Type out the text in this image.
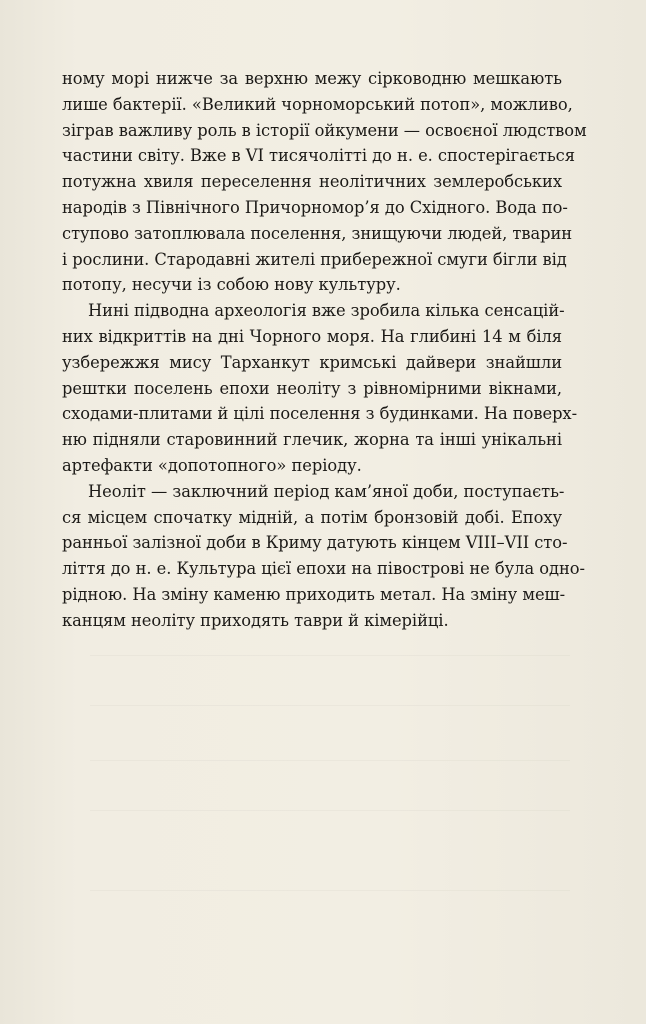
ному морі нижче за верхню межу сірководню мешкають
лише бактерії. «Великий чорноморський потоп», можливо,
зіграв важливу роль в історії ойкумени — освоєної людством
частини світу. Вже в VI тисячолітті до н. е. спостерігається
потужна хвиля переселення неолітичних землеробських
народів з Північного Причорномор’я до Східного. Вода по-
ступово затоплювала поселення, знищуючи людей, тварин
і рослини. Стародавні жителі прибережної смуги бігли від
потопу, несучи із собою нову культуру.
Нині підводна археологія вже зробила кілька сенсацій-
них відкриттів на дні Чорного моря. На глибині 14 м біля
узбережжя мису Тарханкут кримські дайвери знайшли
рештки поселень епохи неоліту з рівномірними вікнами,
сходами-плитами й цілі поселення з будинками. На поверх-
ню підняли старовинний глечик, жорна та інші унікальні
артефакти «допотопного» періоду.
Неоліт — заключний період кам’яної доби, поступаєть-
ся місцем спочатку мідній, а потім бронзовій добі. Епоху
ранньої залізної доби в Криму датують кінцем VIII–VII сто-
ліття до н. е. Культура цієї епохи на півострові не була одно-
рідною. На зміну каменю приходить метал. На зміну меш-
канцям неоліту приходять таври й кімерійці.
